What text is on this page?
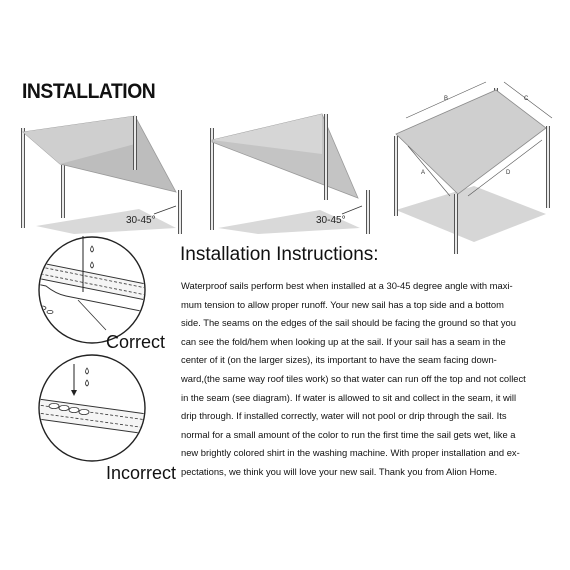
INSTALLATION
30-45°	30-45°
B	C
A	D
Correct
Incorrect
Installation Instructions:
Waterproof sails perform best when installed at a 30-45 degree angle with maxi-
mum tension to allow proper runoff. Your new sail has a top side and a bottom
side. The seams on the edges of the sail should be facing the ground so that you
can see the fold/hem when looking up at the sail. If your sail has a seam in the
center of it (on the larger sizes), its important to have the seam facing down-
ward,(the same way roof tiles work) so that water can run off the top and not collect
in the seam (see diagram). If water is allowed to sit and collect in the seam, it will
drip through. If installed correctly, water will not pool or drip through the sail. Its
normal for a small amount of the color to run the first time the sail gets wet, like a
new brightly colored shirt in the washing machine. With proper installation and ex-
pectations, we think you will love your new sail. Thank you from Alion Home.
